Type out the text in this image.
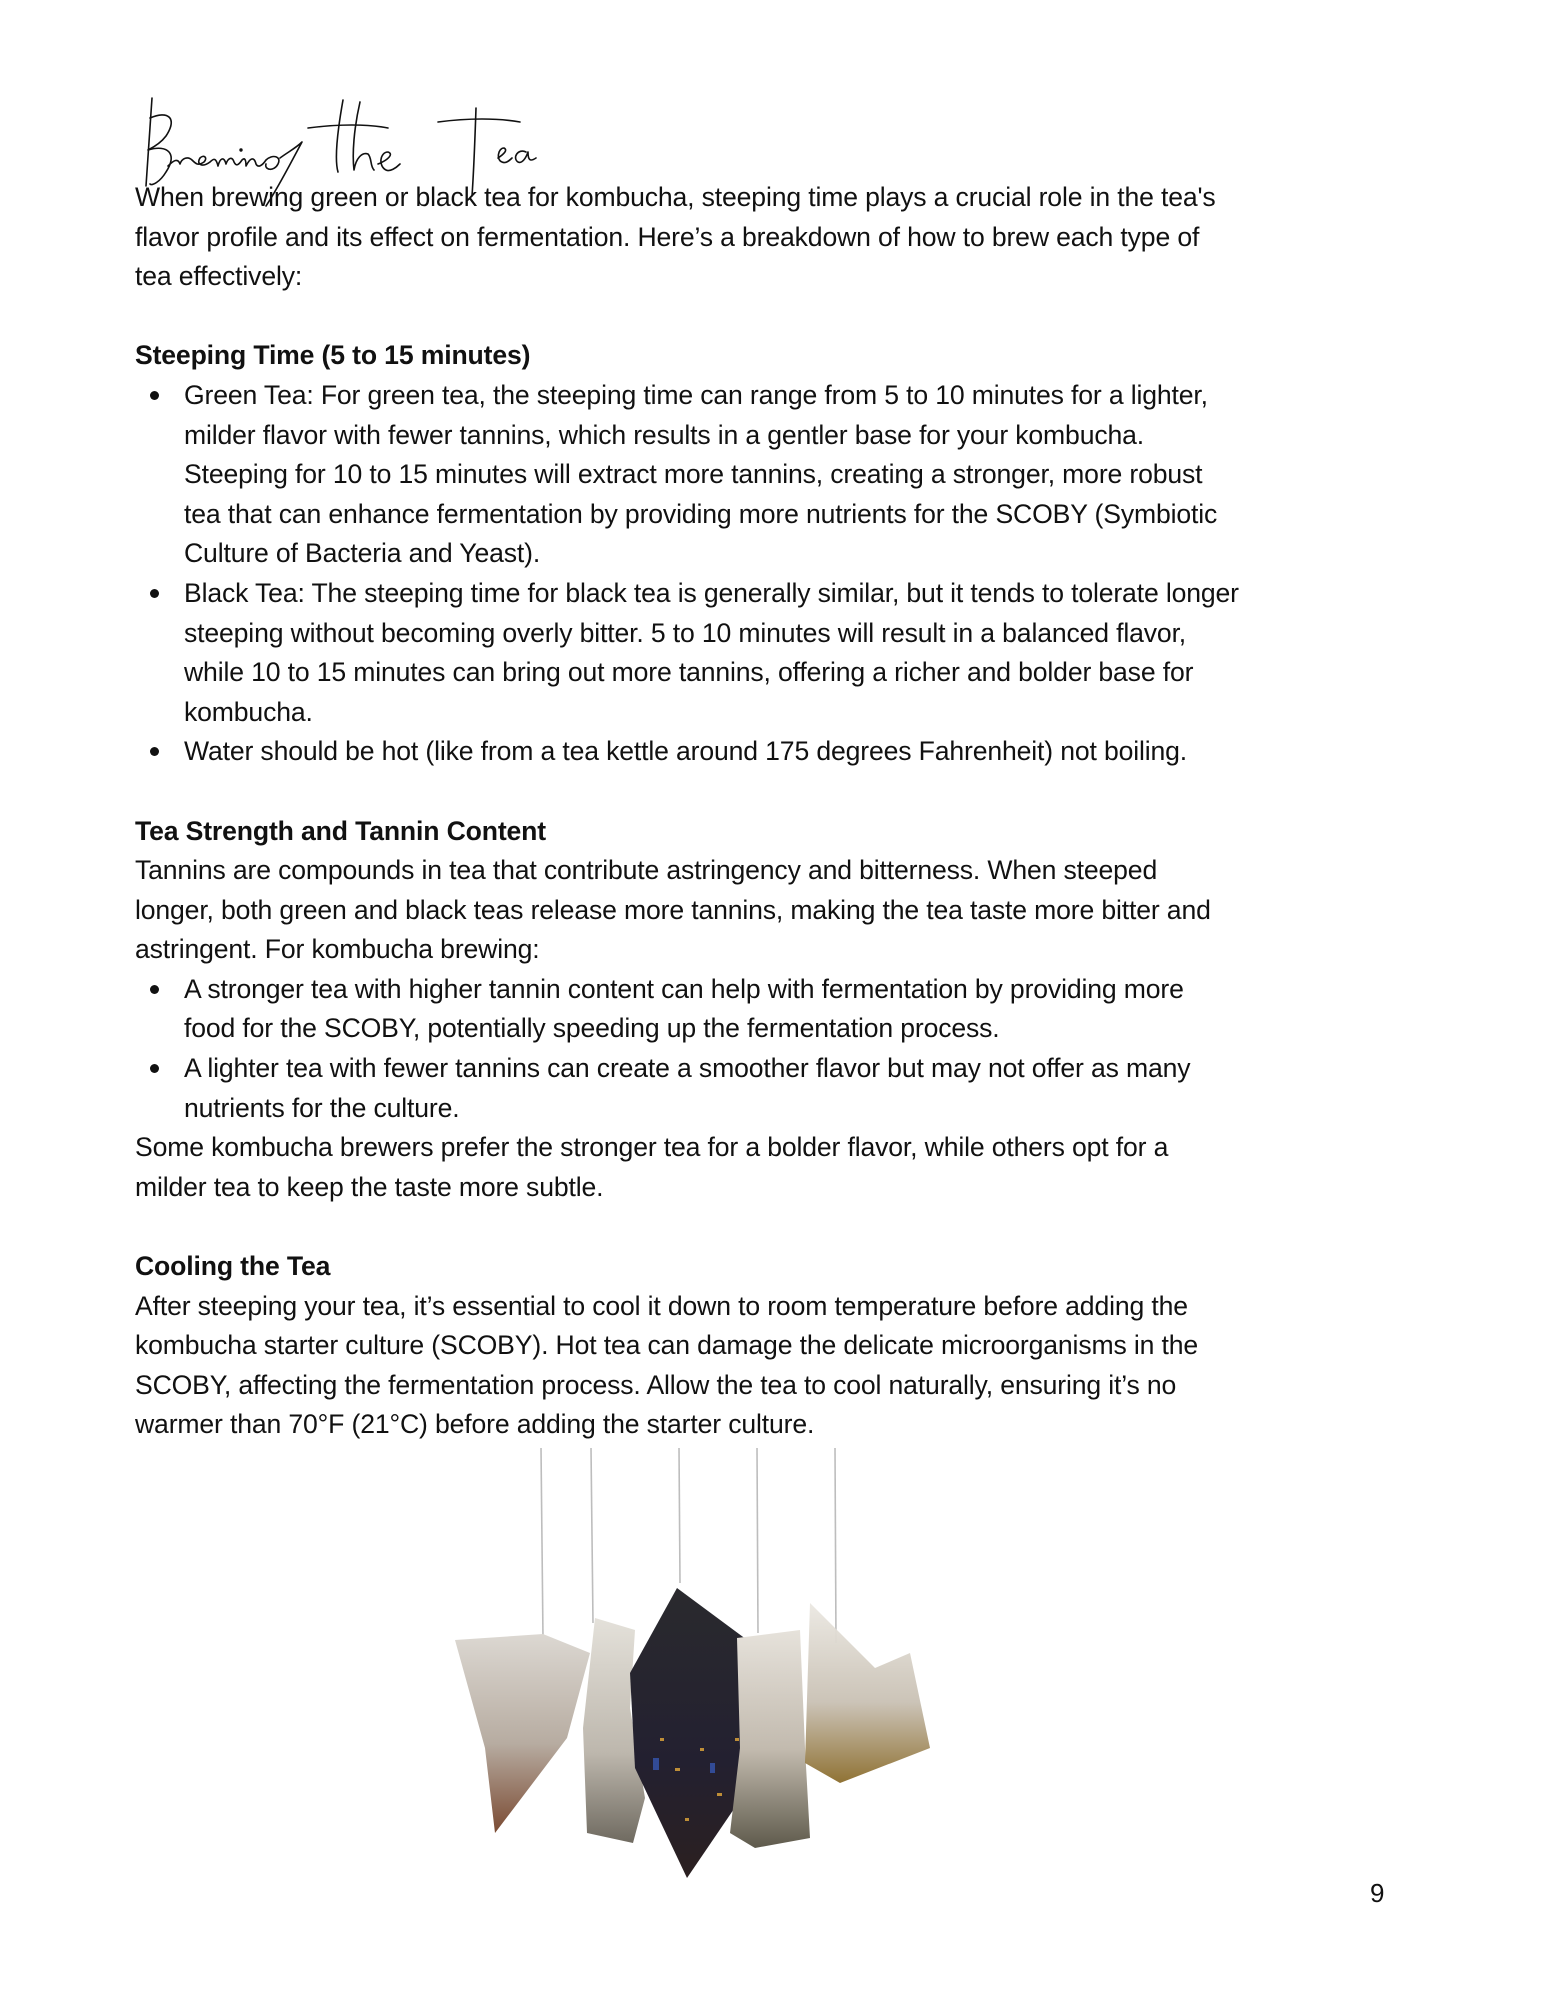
When brewing green or black tea for kombucha, steeping time plays a crucial role in the tea's
flavor profile and its effect on fermentation. Here’s a breakdown of how to brew each type of
tea effectively:
Steeping Time (5 to 15 minutes)
Green Tea: For green tea, the steeping time can range from 5 to 10 minutes for a lighter,
milder flavor with fewer tannins, which results in a gentler base for your kombucha.
Steeping for 10 to 15 minutes will extract more tannins, creating a stronger, more robust
tea that can enhance fermentation by providing more nutrients for the SCOBY (Symbiotic
Culture of Bacteria and Yeast).
Black Tea: The steeping time for black tea is generally similar, but it tends to tolerate longer
steeping without becoming overly bitter. 5 to 10 minutes will result in a balanced flavor,
while 10 to 15 minutes can bring out more tannins, offering a richer and bolder base for
kombucha.
Water should be hot (like from a tea kettle around 175 degrees Fahrenheit) not boiling.
Tea Strength and Tannin Content
Tannins are compounds in tea that contribute astringency and bitterness. When steeped
longer, both green and black teas release more tannins, making the tea taste more bitter and
astringent. For kombucha brewing:
A stronger tea with higher tannin content can help with fermentation by providing more
food for the SCOBY, potentially speeding up the fermentation process.
A lighter tea with fewer tannins can create a smoother flavor but may not offer as many
nutrients for the culture.
Some kombucha brewers prefer the stronger tea for a bolder flavor, while others opt for a
milder tea to keep the taste more subtle.
Cooling the Tea
After steeping your tea, it’s essential to cool it down to room temperature before adding the
kombucha starter culture (SCOBY). Hot tea can damage the delicate microorganisms in the
SCOBY, affecting the fermentation process. Allow the tea to cool naturally, ensuring it’s no
warmer than 70°F (21°C) before adding the starter culture.
9
